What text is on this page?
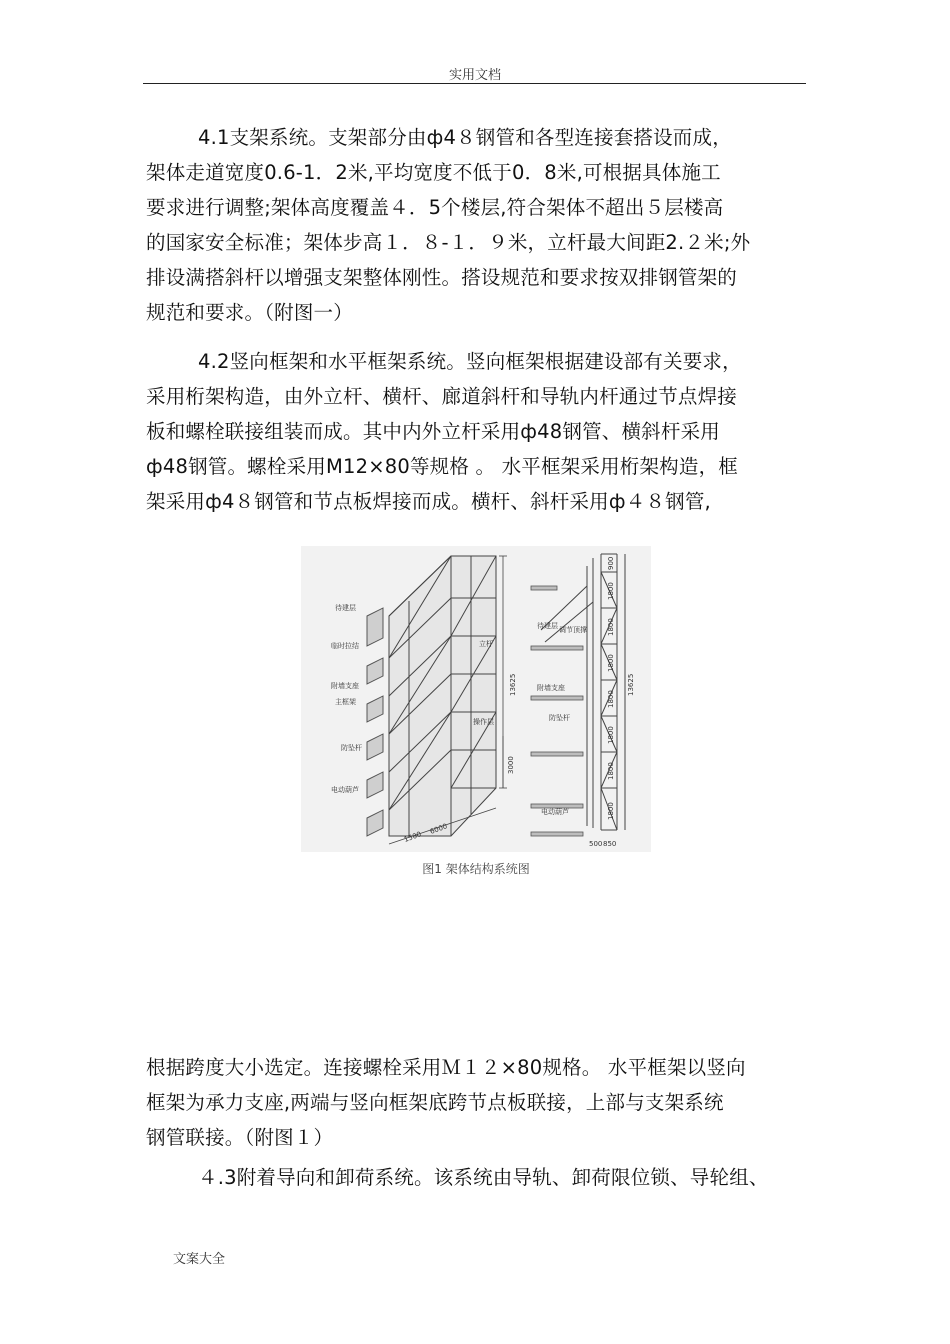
实用文档
4.1支架系统。支架部分由ф4８钢管和各型连接套搭设而成，
架体走道宽度0.6-1．2米,平均宽度不低于0．8米,可根据具体施工
要求进行调整;架体高度覆盖４．5个楼层,符合架体不超出５层楼高
的国家安全标准；架体步高１．８-１．９米，立杆最大间距2.２米;外
排设满搭斜杆以增强支架整体刚性。搭设规范和要求按双排钢管架的
规范和要求。（附图一）
4.2竖向框架和水平框架系统。竖向框架根据建设部有关要求，
采用桁架构造，由外立杆、横杆、廊道斜杆和导轨内杆通过节点焊接
板和螺栓联接组装而成。其中内外立杆采用ф48钢管、横斜杆采用
ф48钢管。螺栓采用M12×80等规格 。 水平框架采用桁架构造，框
架采用ф4８钢管和节点板焊接而成。横杆、斜杆采用ф４８钢管,
待建层
临时拉结
附墙支座
主框架
防坠杆
电动葫芦
立杆
操作层
13625
3000
1500
6000
待建层 调节顶撑
附墙支座
防坠杆
电动葫芦
900
1800
1800
1800
1800
1800
1800
1800
13625
500 850
图1 架体结构系统图
根据跨度大小选定。连接螺栓采用Ｍ１２×80规格。 水平框架以竖向
框架为承力支座,两端与竖向框架底跨节点板联接，上部与支架系统
钢管联接。（附图１）
４.3附着导向和卸荷系统。该系统由导轨、卸荷限位锁、导轮组、
文案大全
